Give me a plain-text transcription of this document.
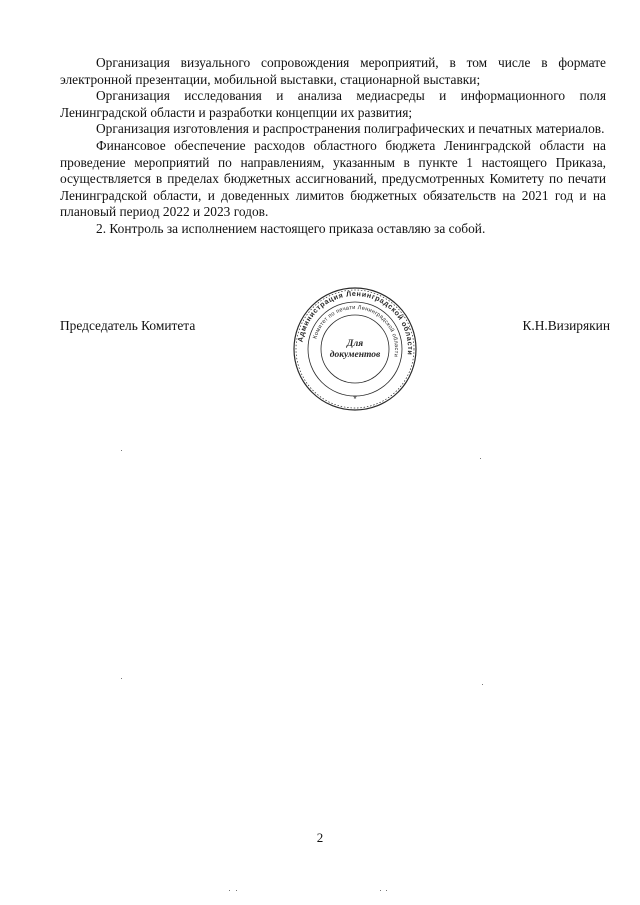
Организация визуального сопровождения мероприятий, в том числе в формате электронной презентации, мобильной выставки, стационарной выставки;

Организация исследования и анализа медиасреды и информационного поля Ленинградской области и разработки концепции их развития;

Организация изготовления и распространения полиграфических и печатных материалов.

Финансовое обеспечение расходов областного бюджета Ленинградской области на проведение мероприятий по направлениям, указанным в пункте 1 настоящего Приказа, осуществляется в пределах бюджетных ассигнований, предусмотренных Комитету по печати Ленинградской области, и доведенных лимитов бюджетных обязательств на 2021 год и на плановый период 2022 и 2023 годов.

2. Контроль за исполнением настоящего приказа оставляю за собой.

Председатель Комитета	К.Н.Визирякин
Администрация Ленинградской области
Комитет по печати Ленинградской области
Для
документов
*
2
